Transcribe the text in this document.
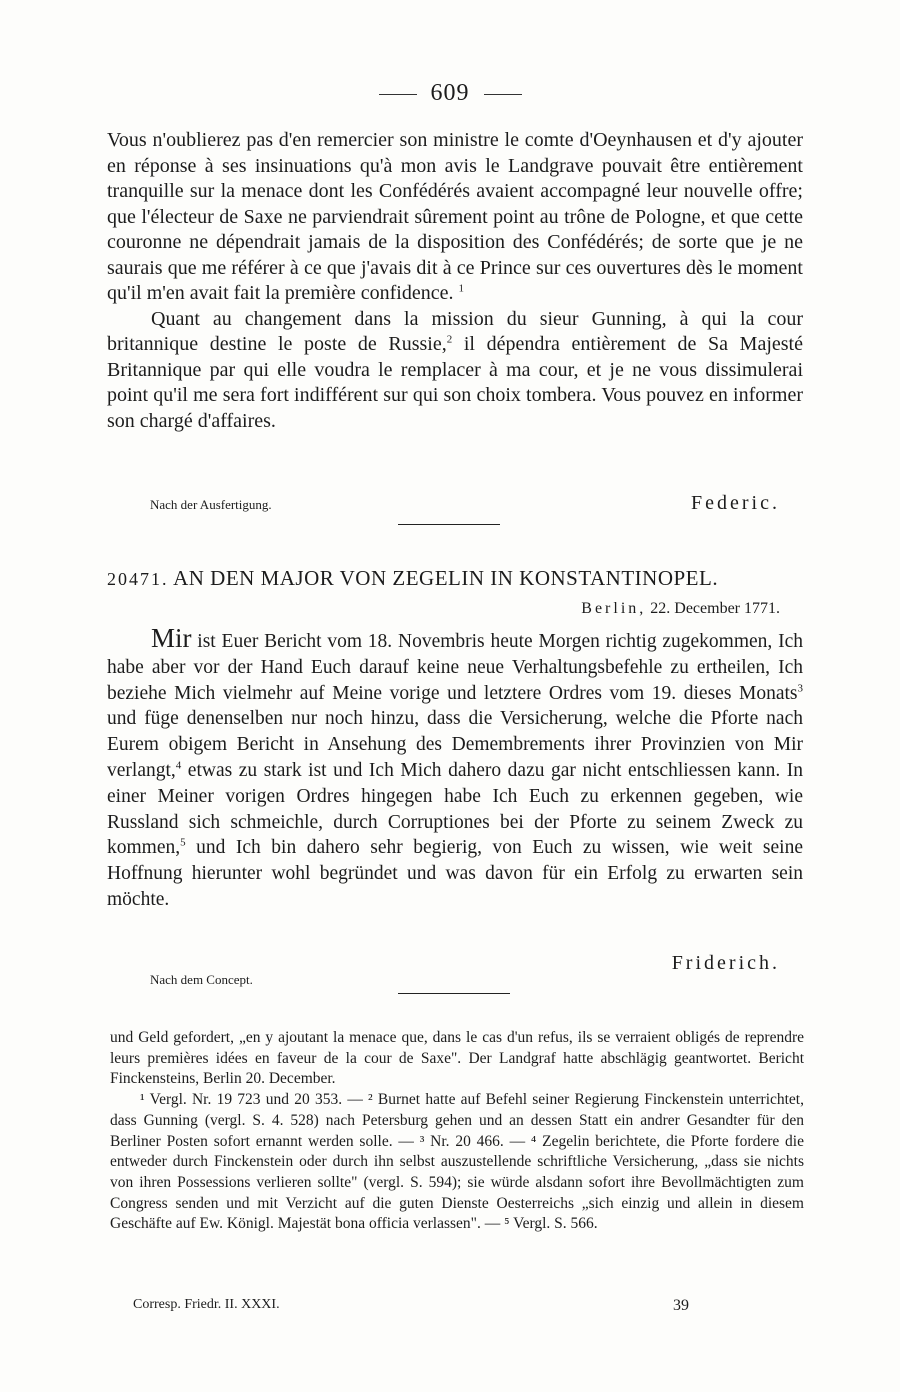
609

Vous n'oublierez pas d'en remercier son ministre le comte d'Oeynhausen et d'y ajouter en réponse à ses insinuations qu'à mon avis le Landgrave pouvait être entièrement tranquille sur la menace dont les Confédérés avaient accompagné leur nouvelle offre; que l'électeur de Saxe ne parviendrait sûrement point au trône de Pologne, et que cette couronne ne dépendrait jamais de la disposition des Confédérés; de sorte que je ne saurais que me référer à ce que j'avais dit à ce Prince sur ces ouvertures dès le moment qu'il m'en avait fait la première confidence. $^1$

Quant au changement dans la mission du sieur Gunning, à qui la cour britannique destine le poste de Russie,$^2$ il dépendra entièrement de Sa Majesté Britannique par qui elle voudra le remplacer à ma cour, et je ne vous dissimulerai point qu'il me sera fort indifférent sur qui son choix tombera. Vous pouvez en informer son chargé d'affaires.

Nach der Ausfertigung.	Federic.
20471. AN DEN MAJOR VON ZEGELIN IN KONSTANTINOPEL.
Berlin, 22. December 1771.

Mir ist Euer Bericht vom 18. Novembris heute Morgen richtig zugekommen, Ich habe aber vor der Hand Euch darauf keine neue Verhaltungsbefehle zu ertheilen, Ich beziehe Mich vielmehr auf Meine vorige und letztere Ordres vom 19. dieses Monats$^3$ und füge denenselben nur noch hinzu, dass die Versicherung, welche die Pforte nach Eurem obigem Bericht in Ansehung des Demembrements ihrer Provinzien von Mir verlangt,$^4$ etwas zu stark ist und Ich Mich dahero dazu gar nicht entschliessen kann. In einer Meiner vorigen Ordres hingegen habe Ich Euch zu erkennen gegeben, wie Russland sich schmeichle, durch Corruptiones bei der Pforte zu seinem Zweck zu kommen,$^5$ und Ich bin dahero sehr begierig, von Euch zu wissen, wie weit seine Hoffnung hierunter wohl begründet und was davon für ein Erfolg zu erwarten sein möchte.

Friderich.
Nach dem Concept.

und Geld gefordert, „en y ajoutant la menace que, dans le cas d'un refus, ils se verraient obligés de reprendre leurs premières idées en faveur de la cour de Saxe". Der Landgraf hatte abschlägig geantwortet. Bericht Finckensteins, Berlin 20. December.

¹ Vergl. Nr. 19 723 und 20 353. — ² Burnet hatte auf Befehl seiner Regierung Finckenstein unterrichtet, dass Gunning (vergl. S. 4. 528) nach Petersburg gehen und an dessen Statt ein andrer Gesandter für den Berliner Posten sofort ernannt werden solle. — ³ Nr. 20 466. — ⁴ Zegelin berichtete, die Pforte fordere die entweder durch Finckenstein oder durch ihn selbst auszustellende schriftliche Versicherung, „dass sie nichts von ihren Possessions verlieren sollte" (vergl. S. 594); sie würde alsdann sofort ihre Bevollmächtigten zum Congress senden und mit Verzicht auf die guten Dienste Oesterreichs „sich einzig und allein in diesem Geschäfte auf Ew. Königl. Majestät bona officia verlassen". — ⁵ Vergl. S. 566.

Corresp. Friedr. II. XXXI.	39
